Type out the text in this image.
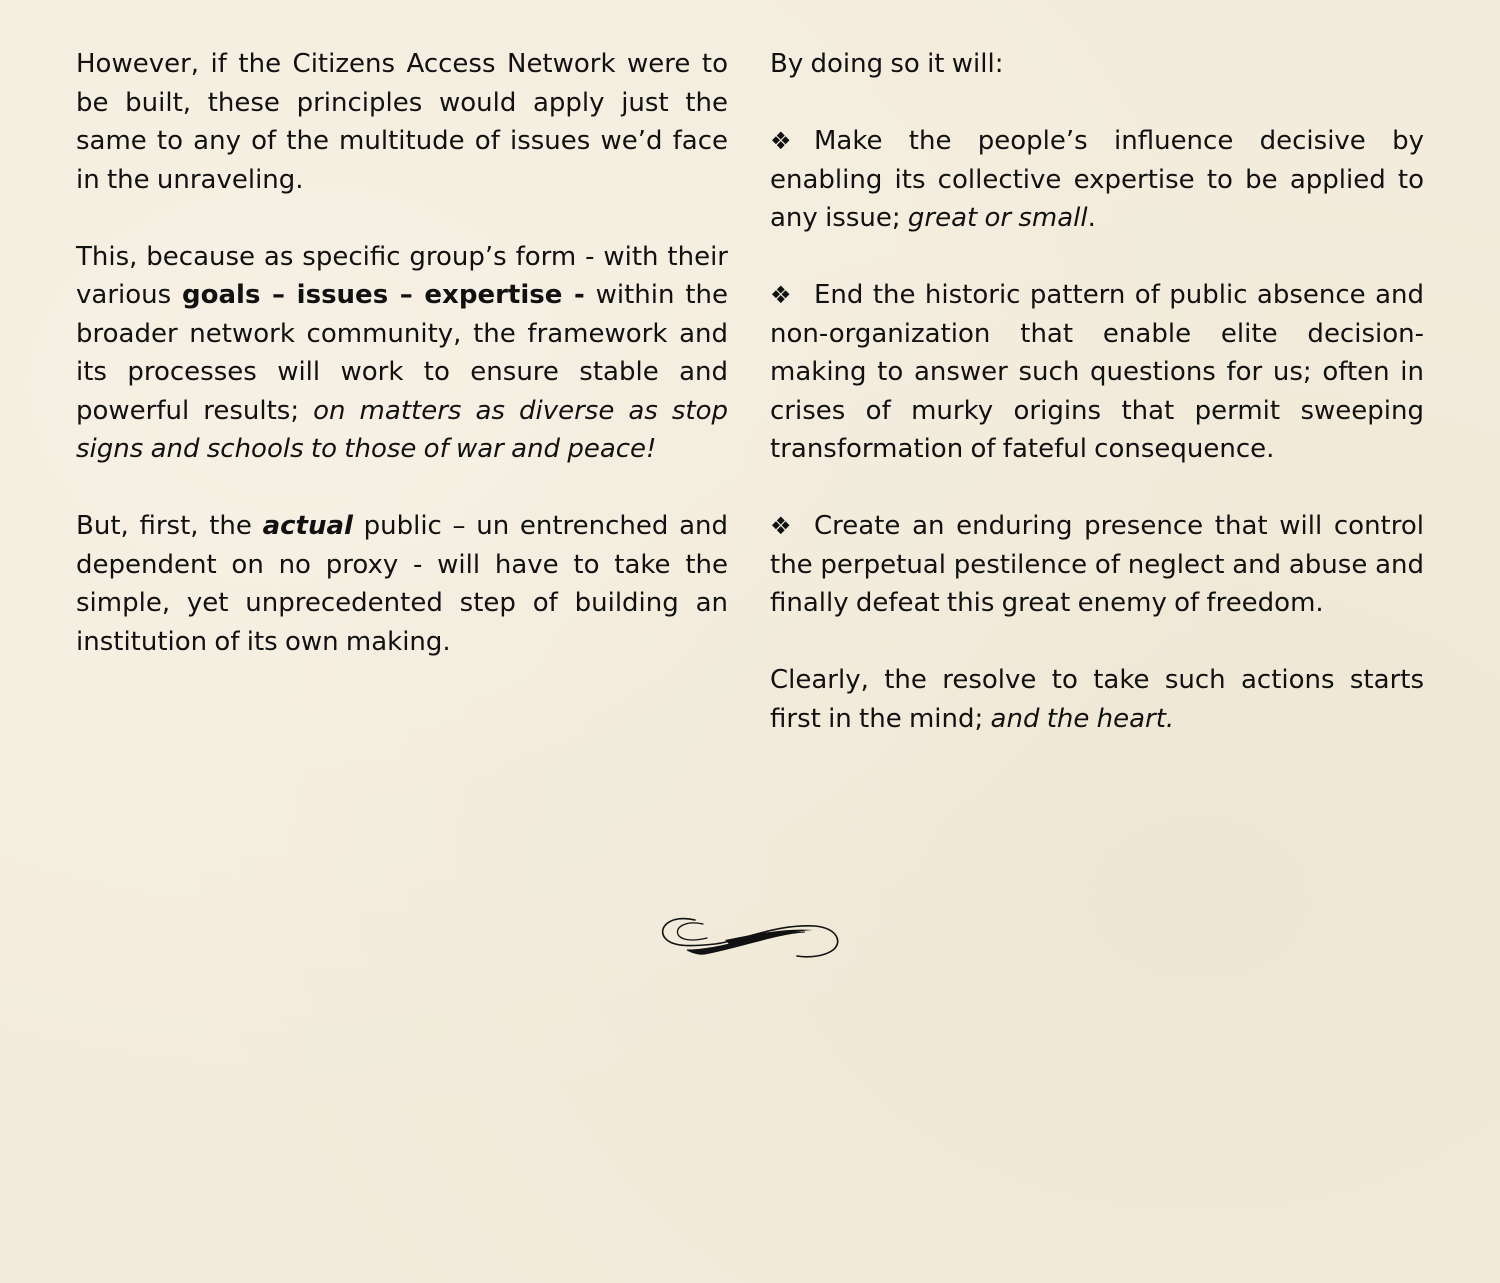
However, if the Citizens Access Network were to be built, these principles would apply just the same to any of the multitude of issues we’d face in the unraveling.

This, because as specific group’s form - with their various goals – issues – expertise - within the broader network community, the framework and its processes will work to ensure stable and powerful results; on matters as diverse as stop signs and schools to those of war and peace!

But, first, the actual public – un entrenched and dependent on no proxy - will have to take the simple, yet unprecedented step of building an institution of its own making.

By doing so it will:

❖ Make the people’s influence decisive by enabling its collective expertise to be applied to any issue; great or small.

❖ End the historic pattern of public absence and non-organization that enable elite decision-making to answer such questions for us; often in crises of murky origins that permit sweeping transformation of fateful consequence.

❖ Create an enduring presence that will control the perpetual pestilence of neglect and abuse and finally defeat this great enemy of freedom.

Clearly, the resolve to take such actions starts first in the mind; and the heart.
